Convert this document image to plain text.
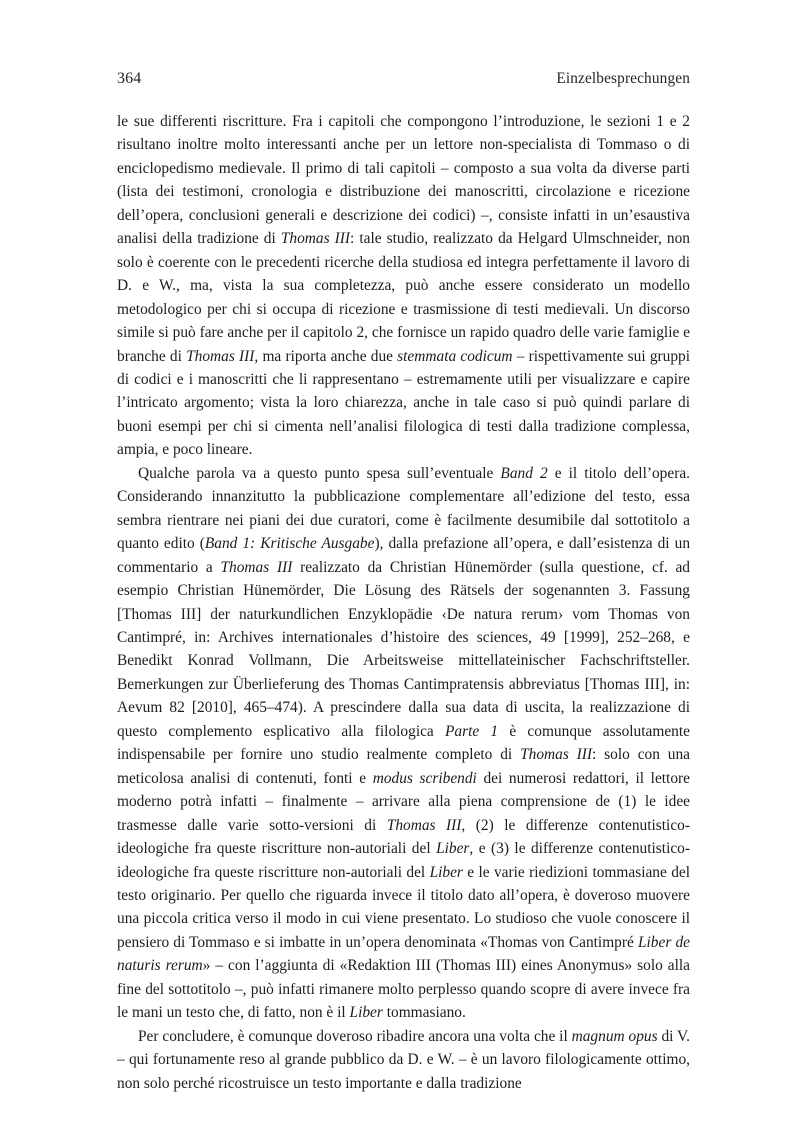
364	Einzelbesprechungen

le sue differenti riscritture. Fra i capitoli che compongono l’introduzione, le sezioni 1 e 2 risultano inoltre molto interessanti anche per un lettore non-specialista di Tommaso o di enciclopedismo medievale. Il primo di tali capitoli – composto a sua volta da diverse parti (lista dei testimoni, cronologia e distribuzione dei manoscritti, circolazione e ricezione dell’opera, conclusioni generali e descrizione dei codici) –, consiste infatti in un’esaustiva analisi della tradizione di Thomas III: tale studio, realizzato da Helgard Ulmschneider, non solo è coerente con le precedenti ricerche della studiosa ed integra perfettamente il lavoro di D. e W., ma, vista la sua completezza, può anche essere considerato un modello metodologico per chi si occupa di ricezione e trasmissione di testi medievali. Un discorso simile si può fare anche per il capitolo 2, che fornisce un rapido quadro delle varie famiglie e branche di Thomas III, ma riporta anche due stemmata codicum – rispettivamente sui gruppi di codici e i manoscritti che li rappresentano – estremamente utili per visualizzare e capire l’intricato argomento; vista la loro chiarezza, anche in tale caso si può quindi parlare di buoni esempi per chi si cimenta nell’analisi filologica di testi dalla tradizione complessa, ampia, e poco lineare.

Qualche parola va a questo punto spesa sull’eventuale Band 2 e il titolo dell’opera. Considerando innanzitutto la pubblicazione complementare all’edizione del testo, essa sembra rientrare nei piani dei due curatori, come è facilmente desumibile dal sottotitolo a quanto edito (Band 1: Kritische Ausgabe), dalla prefazione all’opera, e dall’esistenza di un commentario a Thomas III realizzato da Christian Hünemörder (sulla questione, cf. ad esempio Christian Hünemörder, Die Lösung des Rätsels der sogenannten 3. Fassung [Thomas III] der naturkundlichen Enzyklopädie ‹De natura rerum› vom Thomas von Cantimpré, in: Archives internationales d’histoire des sciences, 49 [1999], 252–268, e Benedikt Konrad Vollmann, Die Arbeitsweise mittellateinischer Fachschriftsteller. Bemerkungen zur Überlieferung des Thomas Cantimpratensis abbreviatus [Thomas III], in: Aevum 82 [2010], 465–474). A prescindere dalla sua data di uscita, la realizzazione di questo complemento esplicativo alla filologica Parte 1 è comunque assolutamente indispensabile per fornire uno studio realmente completo di Thomas III: solo con una meticolosa analisi di contenuti, fonti e modus scribendi dei numerosi redattori, il lettore moderno potrà infatti – finalmente – arrivare alla piena comprensione de (1) le idee trasmesse dalle varie sotto-versioni di Thomas III, (2) le differenze contenutistico-ideologiche fra queste riscritture non-autoriali del Liber, e (3) le differenze contenutistico-ideologiche fra queste riscritture non-autoriali del Liber e le varie riedizioni tommasiane del testo originario. Per quello che riguarda invece il titolo dato all’opera, è doveroso muovere una piccola critica verso il modo in cui viene presentato. Lo studioso che vuole conoscere il pensiero di Tommaso e si imbatte in un’opera denominata «Thomas von Cantimpré Liber de naturis rerum» – con l’aggiunta di «Redaktion III (Thomas III) eines Anonymus» solo alla fine del sottotitolo –, può infatti rimanere molto perplesso quando scopre di avere invece fra le mani un testo che, di fatto, non è il Liber tommasiano.

Per concludere, è comunque doveroso ribadire ancora una volta che il magnum opus di V. – qui fortunamente reso al grande pubblico da D. e W. – è un lavoro filologicamente ottimo, non solo perché ricostruisce un testo importante e dalla tradizione
